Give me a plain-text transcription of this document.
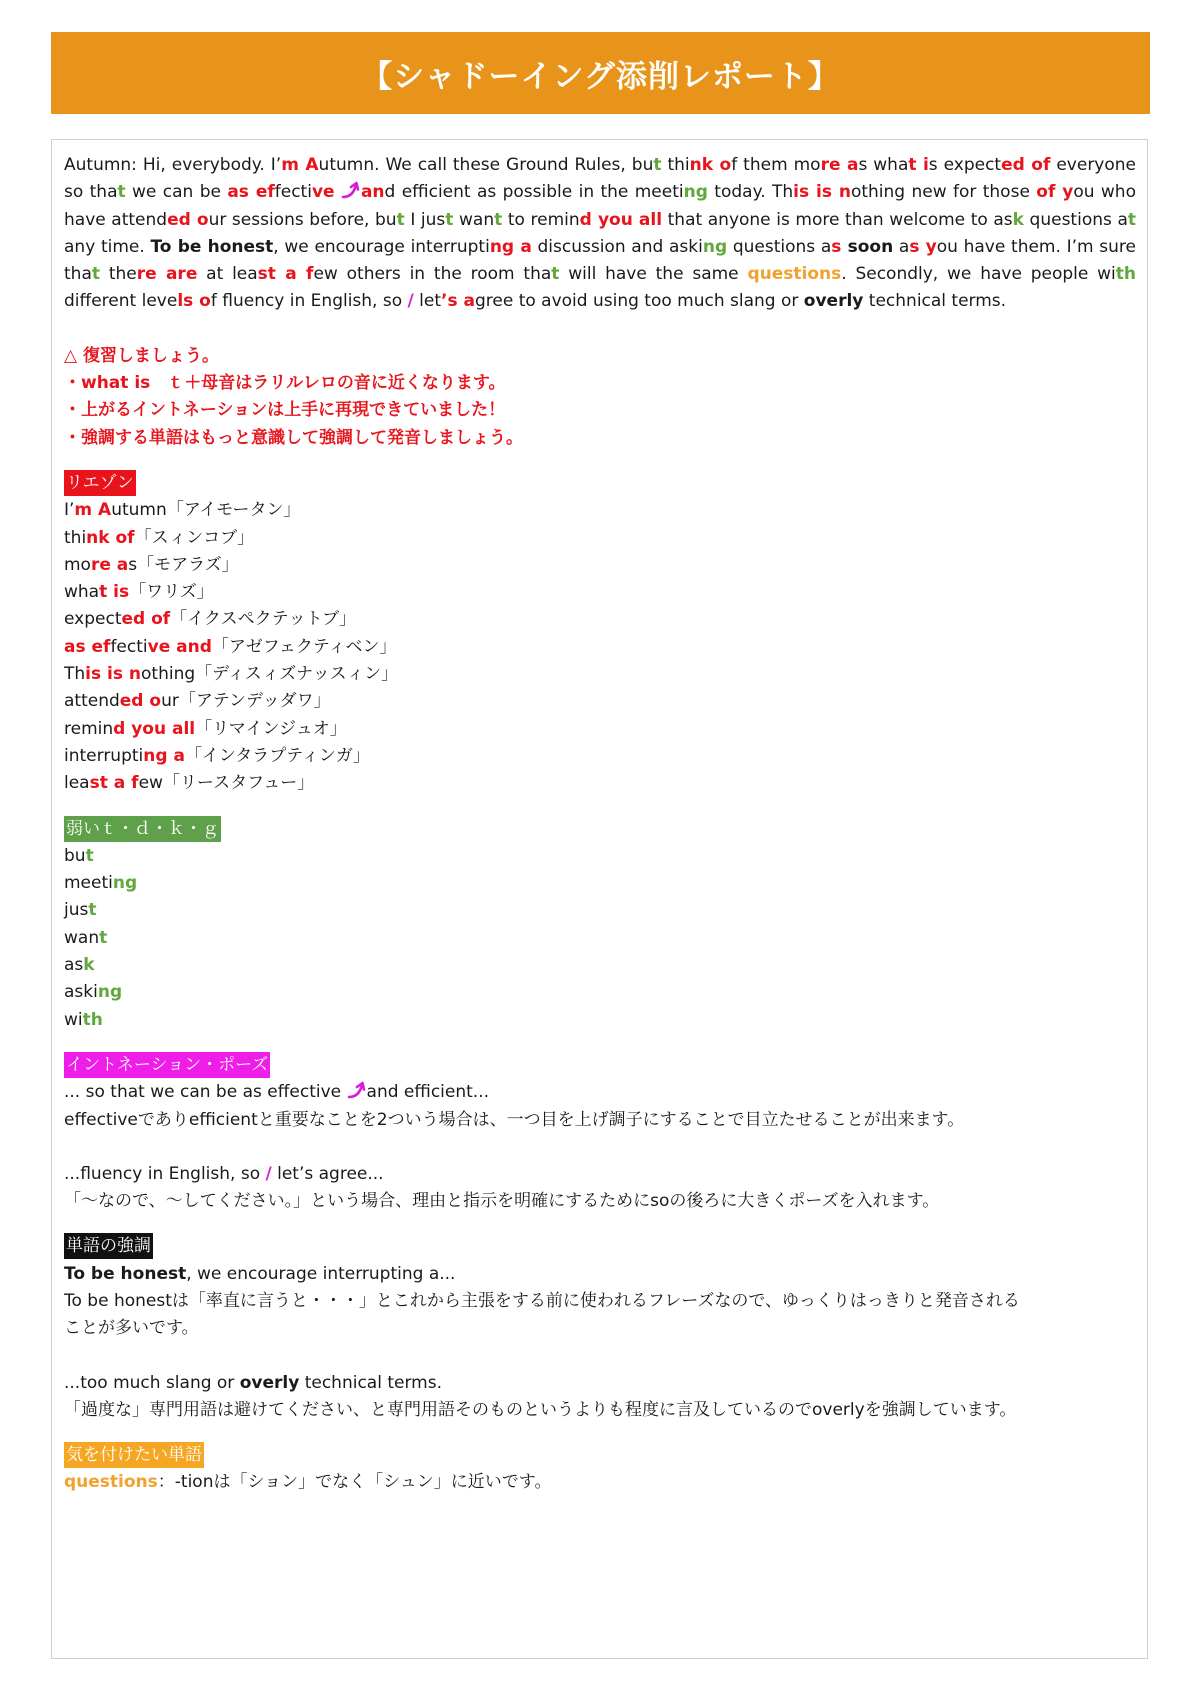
【シャドーイング添削レポート】

Autumn: Hi, everybody. I’m Autumn. We call these Ground Rules, but think of them more as what is expected of everyone so that we can be as effective and efficient as possible in the meeting today. This is nothing new for those of you who have attended our sessions before, but I just want to remind you all that anyone is more than welcome to ask questions at any time. To be honest, we encourage interrupting a discussion and asking questions as soon as you have them. I’m sure that there are at least a few others in the room that will have the same questions. Secondly, we have people with different levels of fluency in English, so / let’s agree to avoid using too much slang or overly technical terms.

△ 復習しましょう。

・what is　ｔ＋母音はラリルレロの音に近くなります。

・上がるイントネーションは上手に再現できていました！

・強調する単語はもっと意識して強調して発音しましょう。

リエゾン

I’m Autumn「アイモータン」

think of「スィンコブ」

more as「モアラズ」

what is「ワリズ」

expected of「イクスペクテットブ」

as effective and「アゼフェクティベン」

This is nothing「ディスィズナッスィン」

attended our「アテンデッダワ」

remind you all「リマインジュオ」

interrupting a「インタラプティンガ」

least a few「リースタフュー」

弱いｔ・ｄ・ｋ・ｇ

but

meeting

just

want

ask

asking

with

イントネーション・ポーズ

... so that we can be as effective and efficient...

effectiveでありefficientと重要なことを2ついう場合は、一つ目を上げ調子にすることで目立たせることが出来ます。

...fluency in English, so / let’s agree...

「～なので、～してください。」という場合、理由と指示を明確にするためにsoの後ろに大きくポーズを入れます。

単語の強調

To be honest, we encourage interrupting a...

To be honestは「率直に言うと・・・」とこれから主張をする前に使われるフレーズなので、ゆっくりはっきりと発音されることが多いです。

...too much slang or overly technical terms.

「過度な」専門用語は避けてください、と専門用語そのものというよりも程度に言及しているのでoverlyを強調しています。

気を付けたい単語

questions：-tionは「ション」でなく「シュン」に近いです。
